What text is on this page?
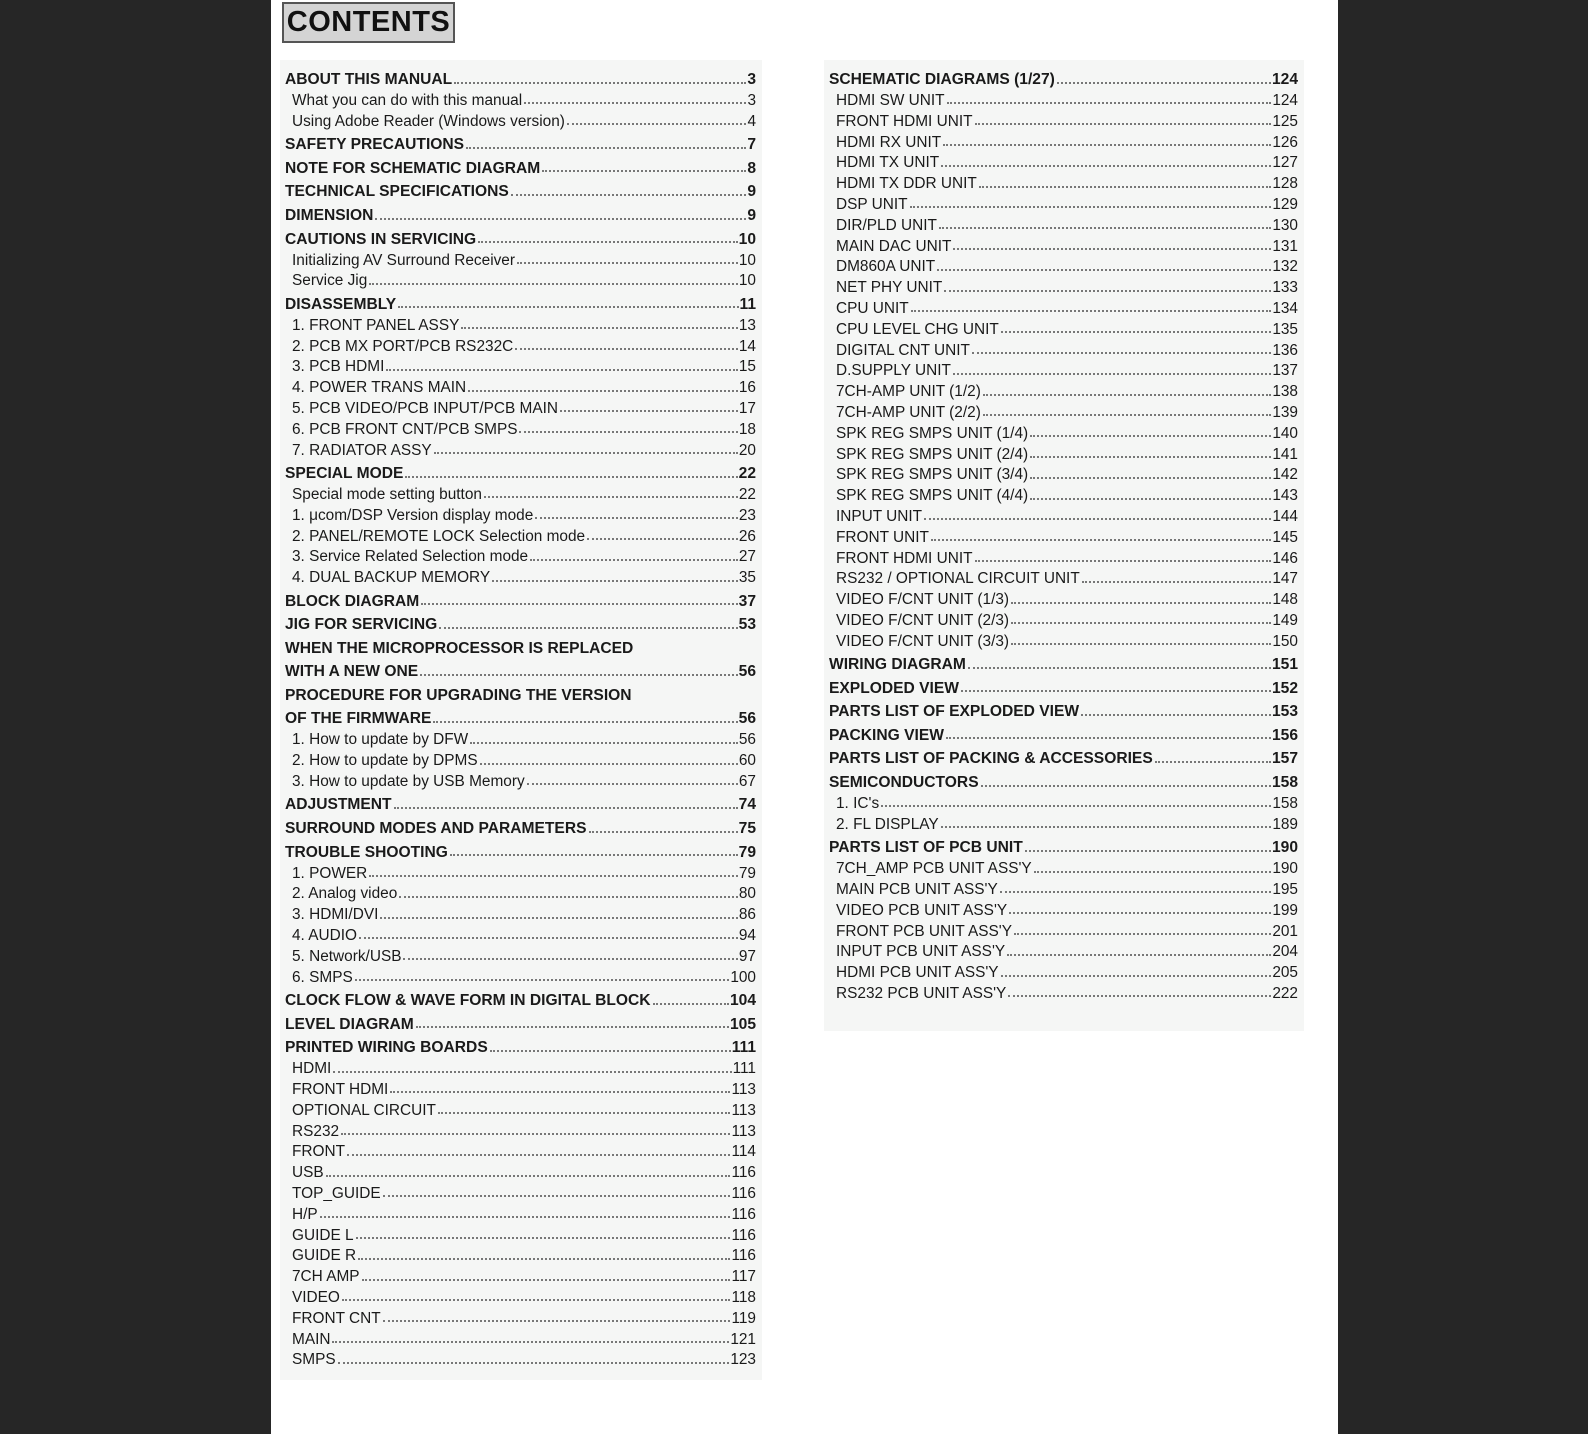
CONTENTS
ABOUT THIS MANUAL	3
What you can do with this manual	3
Using Adobe Reader (Windows version)	4
SAFETY PRECAUTIONS	7
NOTE FOR SCHEMATIC DIAGRAM	8
TECHNICAL SPECIFICATIONS	9
DIMENSION	9
CAUTIONS IN SERVICING	10
Initializing AV Surround Receiver	10
Service Jig	10
DISASSEMBLY	11
1. FRONT PANEL ASSY	13
2. PCB MX PORT/PCB RS232C	14
3. PCB HDMI	15
4. POWER TRANS MAIN	16
5. PCB VIDEO/PCB INPUT/PCB MAIN	17
6. PCB FRONT CNT/PCB SMPS	18
7. RADIATOR ASSY	20
SPECIAL MODE	22
Special mode setting button	22
1. μcom/DSP Version display mode	23
2. PANEL/REMOTE LOCK Selection mode	26
3. Service Related Selection mode	27
4. DUAL BACKUP MEMORY	35
BLOCK DIAGRAM	37
JIG FOR SERVICING	53
WHEN THE MICROPROCESSOR IS REPLACED
WITH A NEW ONE	56
PROCEDURE FOR UPGRADING THE VERSION
OF THE FIRMWARE	56
1. How to update by DFW	56
2. How to update by DPMS	60
3. How to update by USB Memory	67
ADJUSTMENT	74
SURROUND MODES AND PARAMETERS	75
TROUBLE SHOOTING	79
1. POWER	79
2. Analog video	80
3. HDMI/DVI	86
4. AUDIO	94
5. Network/USB	97
6. SMPS	100
CLOCK FLOW & WAVE FORM IN DIGITAL BLOCK	104
LEVEL DIAGRAM	105
PRINTED WIRING BOARDS	111
HDMI	111
FRONT HDMI	113
OPTIONAL CIRCUIT	113
RS232	113
FRONT	114
USB	116
TOP_GUIDE	116
H/P	116
GUIDE L	116
GUIDE R	116
7CH AMP	117
VIDEO	118
FRONT CNT	119
MAIN	121
SMPS	123
SCHEMATIC DIAGRAMS (1/27)	124
HDMI SW UNIT	124
FRONT HDMI UNIT	125
HDMI RX UNIT	126
HDMI TX UNIT	127
HDMI TX DDR UNIT	128
DSP UNIT	129
DIR/PLD UNIT	130
MAIN DAC UNIT	131
DM860A UNIT	132
NET PHY UNIT	133
CPU UNIT	134
CPU LEVEL CHG UNIT	135
DIGITAL CNT UNIT	136
D.SUPPLY UNIT	137
7CH-AMP UNIT (1/2)	138
7CH-AMP UNIT (2/2)	139
SPK REG SMPS UNIT (1/4)	140
SPK REG SMPS UNIT (2/4)	141
SPK REG SMPS UNIT (3/4)	142
SPK REG SMPS UNIT (4/4)	143
INPUT UNIT	144
FRONT UNIT	145
FRONT HDMI UNIT	146
RS232 / OPTIONAL CIRCUIT UNIT	147
VIDEO F/CNT UNIT (1/3)	148
VIDEO F/CNT UNIT (2/3)	149
VIDEO F/CNT UNIT (3/3)	150
WIRING DIAGRAM	151
EXPLODED VIEW	152
PARTS LIST OF EXPLODED VIEW	153
PACKING VIEW	156
PARTS LIST OF PACKING & ACCESSORIES	157
SEMICONDUCTORS	158
1. IC's	158
2. FL DISPLAY	189
PARTS LIST OF PCB UNIT	190
7CH_AMP PCB UNIT ASS'Y	190
MAIN PCB UNIT ASS'Y	195
VIDEO PCB UNIT ASS'Y	199
FRONT PCB UNIT ASS'Y	201
INPUT PCB UNIT ASS'Y	204
HDMI PCB UNIT ASS'Y	205
RS232 PCB UNIT ASS'Y	222
